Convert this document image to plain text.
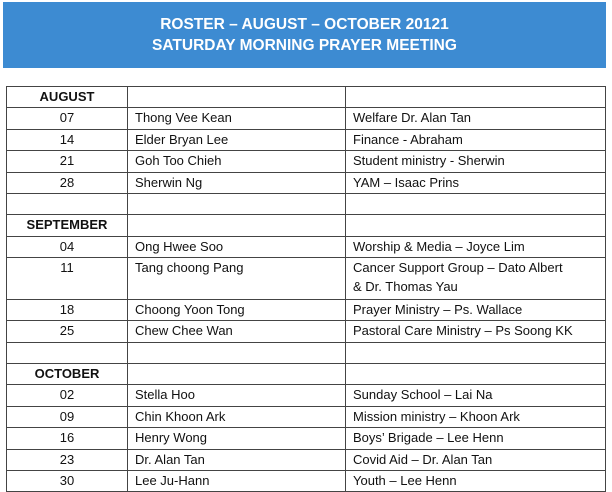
ROSTER – AUGUST – OCTOBER 20121
SATURDAY MORNING PRAYER MEETING
AUGUST		
07	Thong Vee Kean	Welfare Dr. Alan Tan
14	Elder Bryan Lee	Finance - Abraham
21	Goh Too Chieh	Student ministry - Sherwin
28	Sherwin Ng	YAM – Isaac Prins

SEPTEMBER		
04	Ong Hwee Soo	Worship & Media – Joyce Lim
11	Tang choong Pang	Cancer Support Group – Dato Albert
& Dr. Thomas Yau

18	Choong Yoon Tong	Prayer Ministry – Ps. Wallace
25	Chew Chee Wan	Pastoral Care Ministry – Ps Soong KK

OCTOBER		
02	Stella Hoo	Sunday School – Lai Na
09	Chin Khoon Ark	Mission ministry – Khoon Ark
16	Henry Wong	Boys’ Brigade – Lee Henn
23	Dr. Alan Tan	Covid Aid – Dr. Alan Tan
30	Lee Ju-Hann	Youth – Lee Henn
